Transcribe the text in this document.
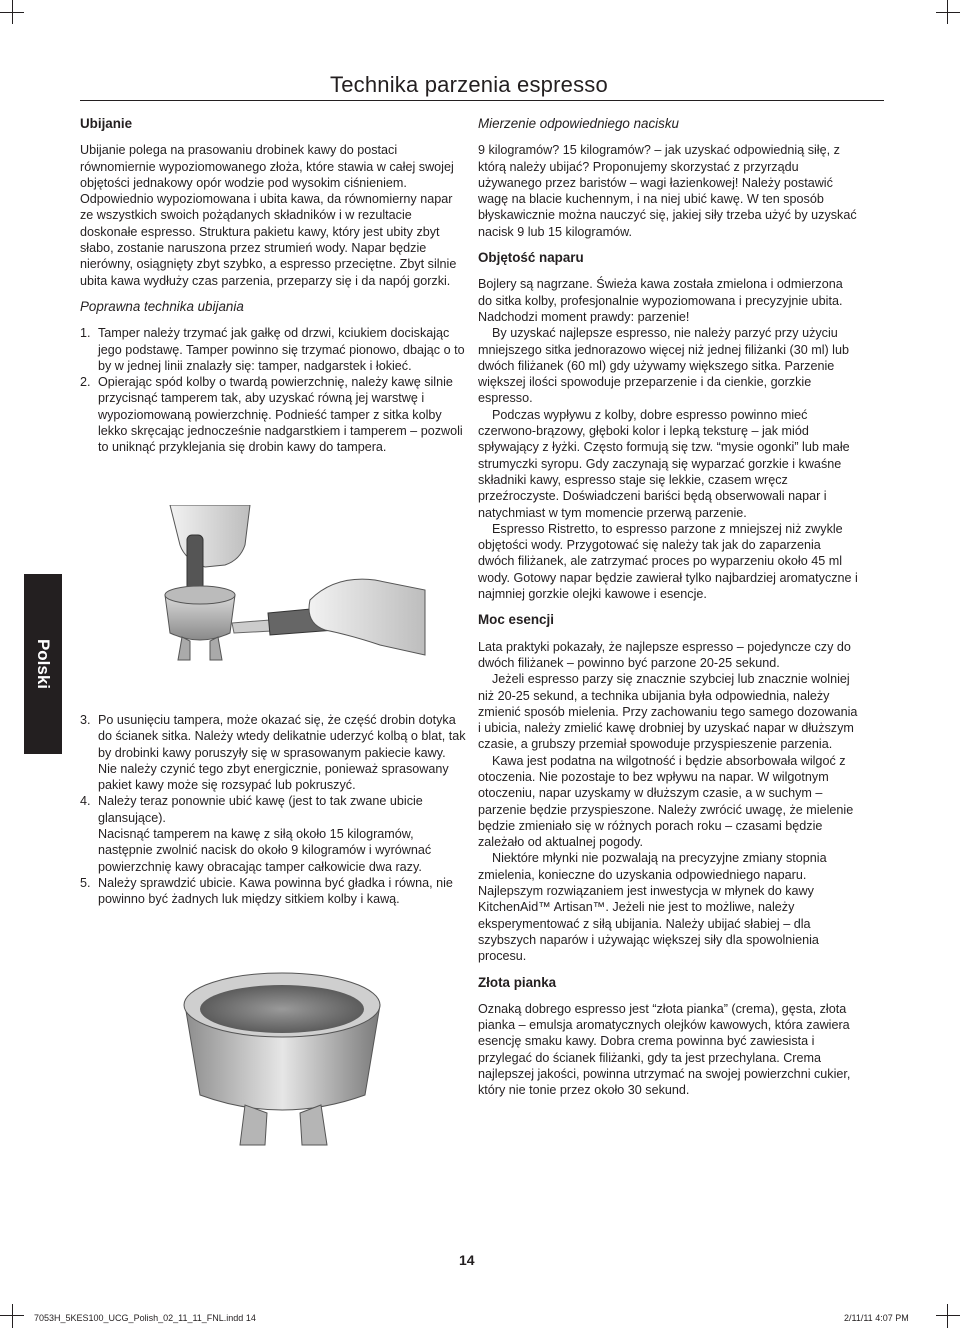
Technika parzenia espresso
Polski
Ubijanie

Ubijanie polega na prasowaniu drobinek kawy do postaci równomiernie wypoziomowanego złoża, które stawia w całej swojej objętości jednakowy opór wodzie pod wysokim ciśnieniem. Odpowiednio wypoziomowana i ubita kawa, da równomierny napar ze wszystkich swoich pożądanych składników i w rezultacie doskonałe espresso. Struktura pakietu kawy, który jest ubity zbyt słabo, zostanie naruszona przez strumień wody. Napar będzie nierówny, osiągnięty zbyt szybko, a espresso przeciętne. Zbyt silnie ubita kawa wydłuży czas parzenia, przeparzy się i da napój gorzki.

Poprawna technika ubijania
1. Tamper należy trzymać jak gałkę od drzwi, kciukiem dociskając jego podstawę. Tamper powinno się trzymać pionowo, dbając o to by w jednej linii znalazły się: tamper, nadgarstek i łokieć.
2. Opierając spód kolby o twardą powierzchnię, należy kawę silnie przycisnąć tamperem tak, aby uzyskać równą jej warstwę i wypoziomowaną powierzchnię. Podnieść tamper z sitka kolby lekko skręcając jednocześnie nadgarstkiem i tamperem – pozwoli to uniknąć przyklejania się drobin kawy do tampera.
3. Po usunięciu tampera, może okazać się, że część drobin dotyka do ścianek sitka. Należy wtedy delikatnie uderzyć kolbą o blat, tak by drobinki kawy poruszyły się w sprasowanym pakiecie kawy. Nie należy czynić tego zbyt energicznie, ponieważ sprasowany pakiet kawy może się rozsypać lub pokruszyć.
4. Należy teraz ponownie ubić kawę (jest to tak zwane ubicie glansujące).
Nacisnąć tamperem na kawę z siłą około 15 kilogramów, następnie zwolnić nacisk do około 9 kilogramów i wyrównać powierzchnię kawy obracając tamper całkowicie dwa razy.
5. Należy sprawdzić ubicie. Kawa powinna być gładka i równa, nie powinno być żadnych luk między sitkiem kolby i kawą.
Mierzenie odpowiedniego nacisku

9 kilogramów? 15 kilogramów? – jak uzyskać odpowiednią siłę, z którą należy ubijać? Proponujemy skorzystać z przyrządu używanego przez baristów – wagi łazienkowej! Należy postawić wagę na blacie kuchennym, i na niej ubić kawę. W ten sposób błyskawicznie można nauczyć się, jakiej siły trzeba użyć by uzyskać nacisk 9 lub 15 kilogramów.

Objętość naparu

Bojlery są nagrzane. Świeża kawa została zmielona i odmierzona do sitka kolby, profesjonalnie wypoziomowana i precyzyjnie ubita. Nadchodzi moment prawdy: parzenie!

By uzyskać najlepsze espresso, nie należy parzyć przy użyciu mniejszego sitka jednorazowo więcej niż jednej filiżanki (30 ml) lub dwóch filiżanek (60 ml) gdy używamy większego sitka. Parzenie większej ilości spowoduje przeparzenie i da cienkie, gorzkie espresso.

Podczas wypływu z kolby, dobre espresso powinno mieć czerwono-brązowy, głęboki kolor i lepką teksturę – jak miód spływający z łyżki. Często formują się tzw. “mysie ogonki” lub małe strumyczki syropu. Gdy zaczynają się wyparzać gorzkie i kwaśne składniki kawy, espresso staje się lekkie, czasem wręcz przeźroczyste. Doświadczeni bariści będą obserwowali napar i natychmiast w tym momencie przerwą parzenie.

Espresso Ristretto, to espresso parzone z mniejszej niż zwykle objętości wody. Przygotować się należy tak jak do zaparzenia dwóch filiżanek, ale zatrzymać proces po wyparzeniu około 45 ml wody. Gotowy napar będzie zawierał tylko najbardziej aromatyczne i najmniej gorzkie olejki kawowe i esencje.

Moc esencji

Lata praktyki pokazały, że najlepsze espresso – pojedyncze czy do dwóch filiżanek – powinno być parzone 20-25 sekund.

Jeżeli espresso parzy się znacznie szybciej lub znacznie wolniej niż 20-25 sekund, a technika ubijania była odpowiednia, należy zmienić sposób mielenia. Przy zachowaniu tego samego dozowania i ubicia, należy zmielić kawę drobniej by uzyskać napar w dłuższym czasie, a grubszy przemiał spowoduje przyspieszenie parzenia.

Kawa jest podatna na wilgotność i będzie absorbowała wilgoć z otoczenia. Nie pozostaje to bez wpływu na napar. W wilgotnym otoczeniu, napar uzyskamy w dłuższym czasie, a w suchym – parzenie będzie przyspieszone. Należy zwrócić uwagę, że mielenie będzie zmieniało się w różnych porach roku – czasami będzie zależało od aktualnej pogody.

Niektóre młynki nie pozwalają na precyzyjne zmiany stopnia zmielenia, konieczne do uzyskania odpowiedniego naparu. Najlepszym rozwiązaniem jest inwestycja w młynek do kawy KitchenAid™ Artisan™. Jeżeli nie jest to możliwe, należy eksperymentować z siłą ubijania. Należy ubijać słabiej – dla szybszych naparów i używając większej siły dla spowolnienia procesu.

Złota pianka

Oznaką dobrego espresso jest “złota pianka” (crema), gęsta, złota pianka – emulsja aromatycznych olejków kawowych, która zawiera esencję smaku kawy. Dobra crema powinna być zawiesista i przylegać do ścianek filiżanki, gdy ta jest przechylana. Crema najlepszej jakości, powinna utrzymać na swojej powierzchni cukier, który nie tonie przez około 30 sekund.

14
7053H_5KES100_UCG_Polish_02_11_11_FNL.indd 14	2/11/11 4:07 PM
